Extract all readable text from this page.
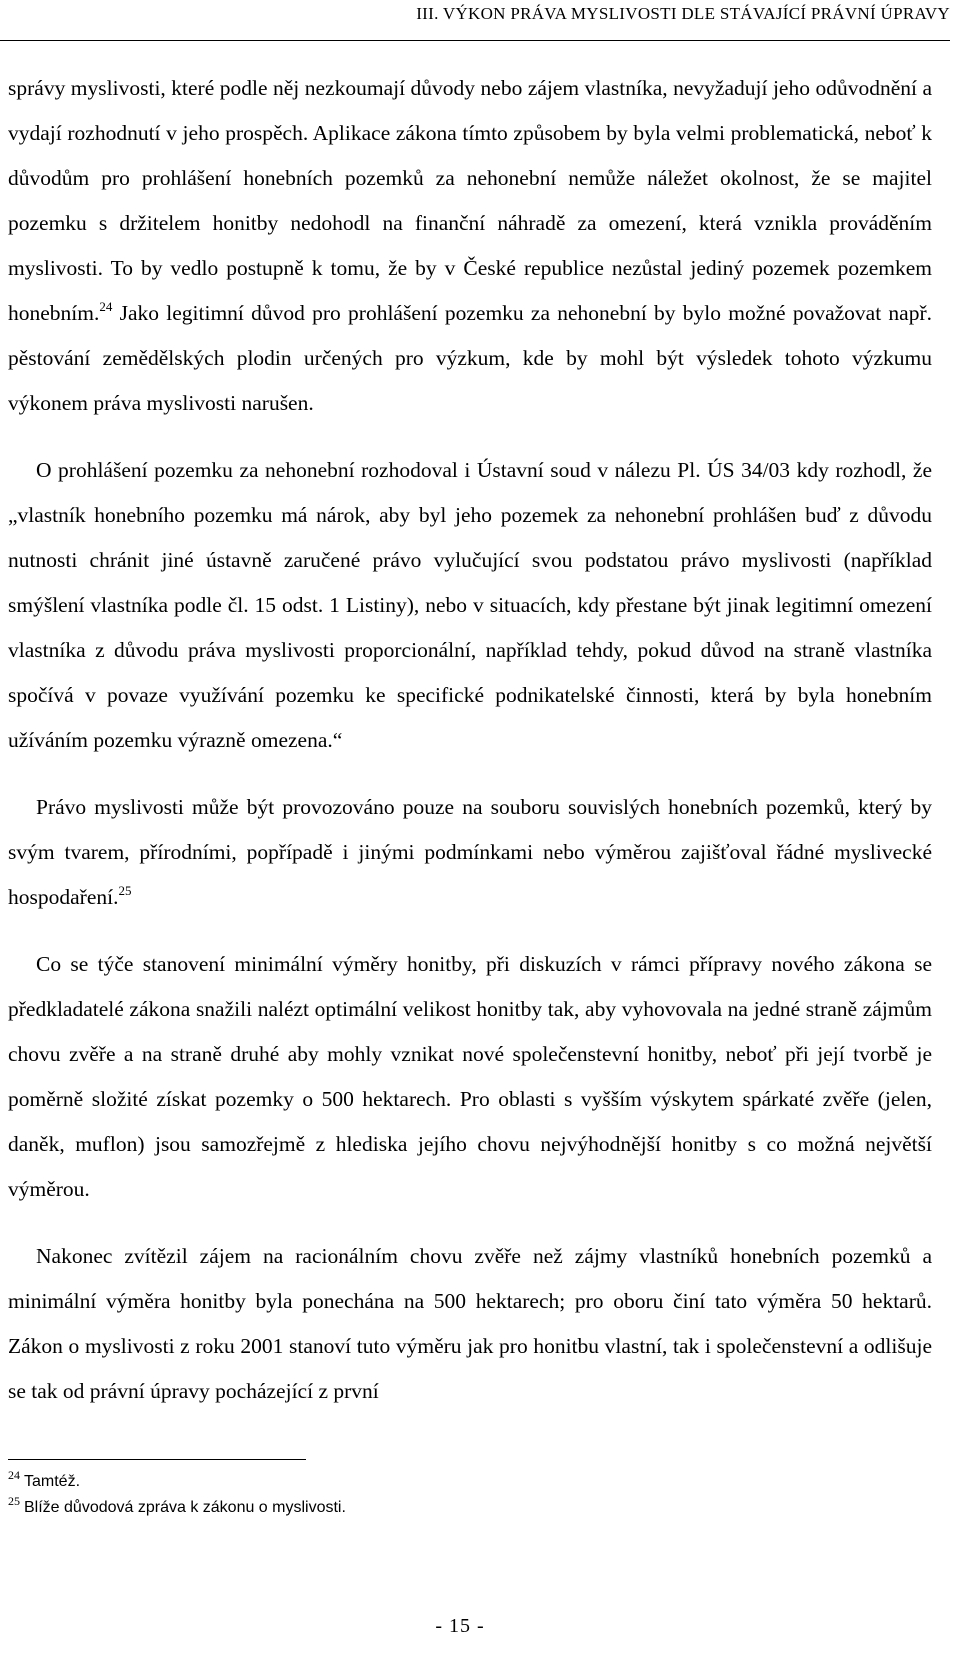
III. VÝKON PRÁVA MYSLIVOSTI DLE STÁVAJÍCÍ PRÁVNÍ ÚPRAVY

správy myslivosti, které podle něj nezkoumají důvody nebo zájem vlastníka, nevyžadují jeho odůvodnění a vydají rozhodnutí v jeho prospěch. Aplikace zákona tímto způsobem by byla velmi problematická, neboť k důvodům pro prohlášení honebních pozemků za nehonební nemůže náležet okolnost, že se majitel pozemku s držitelem honitby nedohodl na finanční náhradě za omezení, která vznikla prováděním myslivosti. To by vedlo postupně k tomu, že by v České republice nezůstal jediný pozemek pozemkem honebním.$^{24}$ Jako legitimní důvod pro prohlášení pozemku za nehonební by bylo možné považovat např. pěstování zemědělských plodin určených pro výzkum, kde by mohl být výsledek tohoto výzkumu výkonem práva myslivosti narušen.

O prohlášení pozemku za nehonební rozhodoval i Ústavní soud v nálezu Pl. ÚS 34/03 kdy rozhodl, že „vlastník honebního pozemku má nárok, aby byl jeho pozemek za nehonební prohlášen buď z důvodu nutnosti chránit jiné ústavně zaručené právo vylučující svou podstatou právo myslivosti (například smýšlení vlastníka podle čl. 15 odst. 1 Listiny), nebo v situacích, kdy přestane být jinak legitimní omezení vlastníka z důvodu práva myslivosti proporcionální, například tehdy, pokud důvod na straně vlastníka spočívá v povaze využívání pozemku ke specifické podnikatelské činnosti, která by byla honebním užíváním pozemku výrazně omezena.“

Právo myslivosti může být provozováno pouze na souboru souvislých honebních pozemků, který by svým tvarem, přírodními, popřípadě i jinými podmínkami nebo výměrou zajišťoval řádné myslivecké hospodaření.$^{25}$

Co se týče stanovení minimální výměry honitby, při diskuzích v rámci přípravy nového zákona se předkladatelé zákona snažili nalézt optimální velikost honitby tak, aby vyhovovala na jedné straně zájmům chovu zvěře a na straně druhé aby mohly vznikat nové společenstevní honitby, neboť při její tvorbě je poměrně složité získat pozemky o 500 hektarech. Pro oblasti s vyšším výskytem spárkaté zvěře (jelen, daněk, muflon) jsou samozřejmě z hlediska jejího chovu nejvýhodnější honitby s co možná největší výměrou.

Nakonec zvítězil zájem na racionálním chovu zvěře než zájmy vlastníků honebních pozemků a minimální výměra honitby byla ponechána na 500 hektarech; pro oboru činí tato výměra 50 hektarů. Zákon o myslivosti z roku 2001 stanoví tuto výměru jak pro honitbu vlastní, tak i společenstevní a odlišuje se tak od právní úpravy pocházející z první

$^{24}$ Tamtéž.
$^{25}$ Blíže důvodová zpráva k zákonu o myslivosti.
- 15 -
